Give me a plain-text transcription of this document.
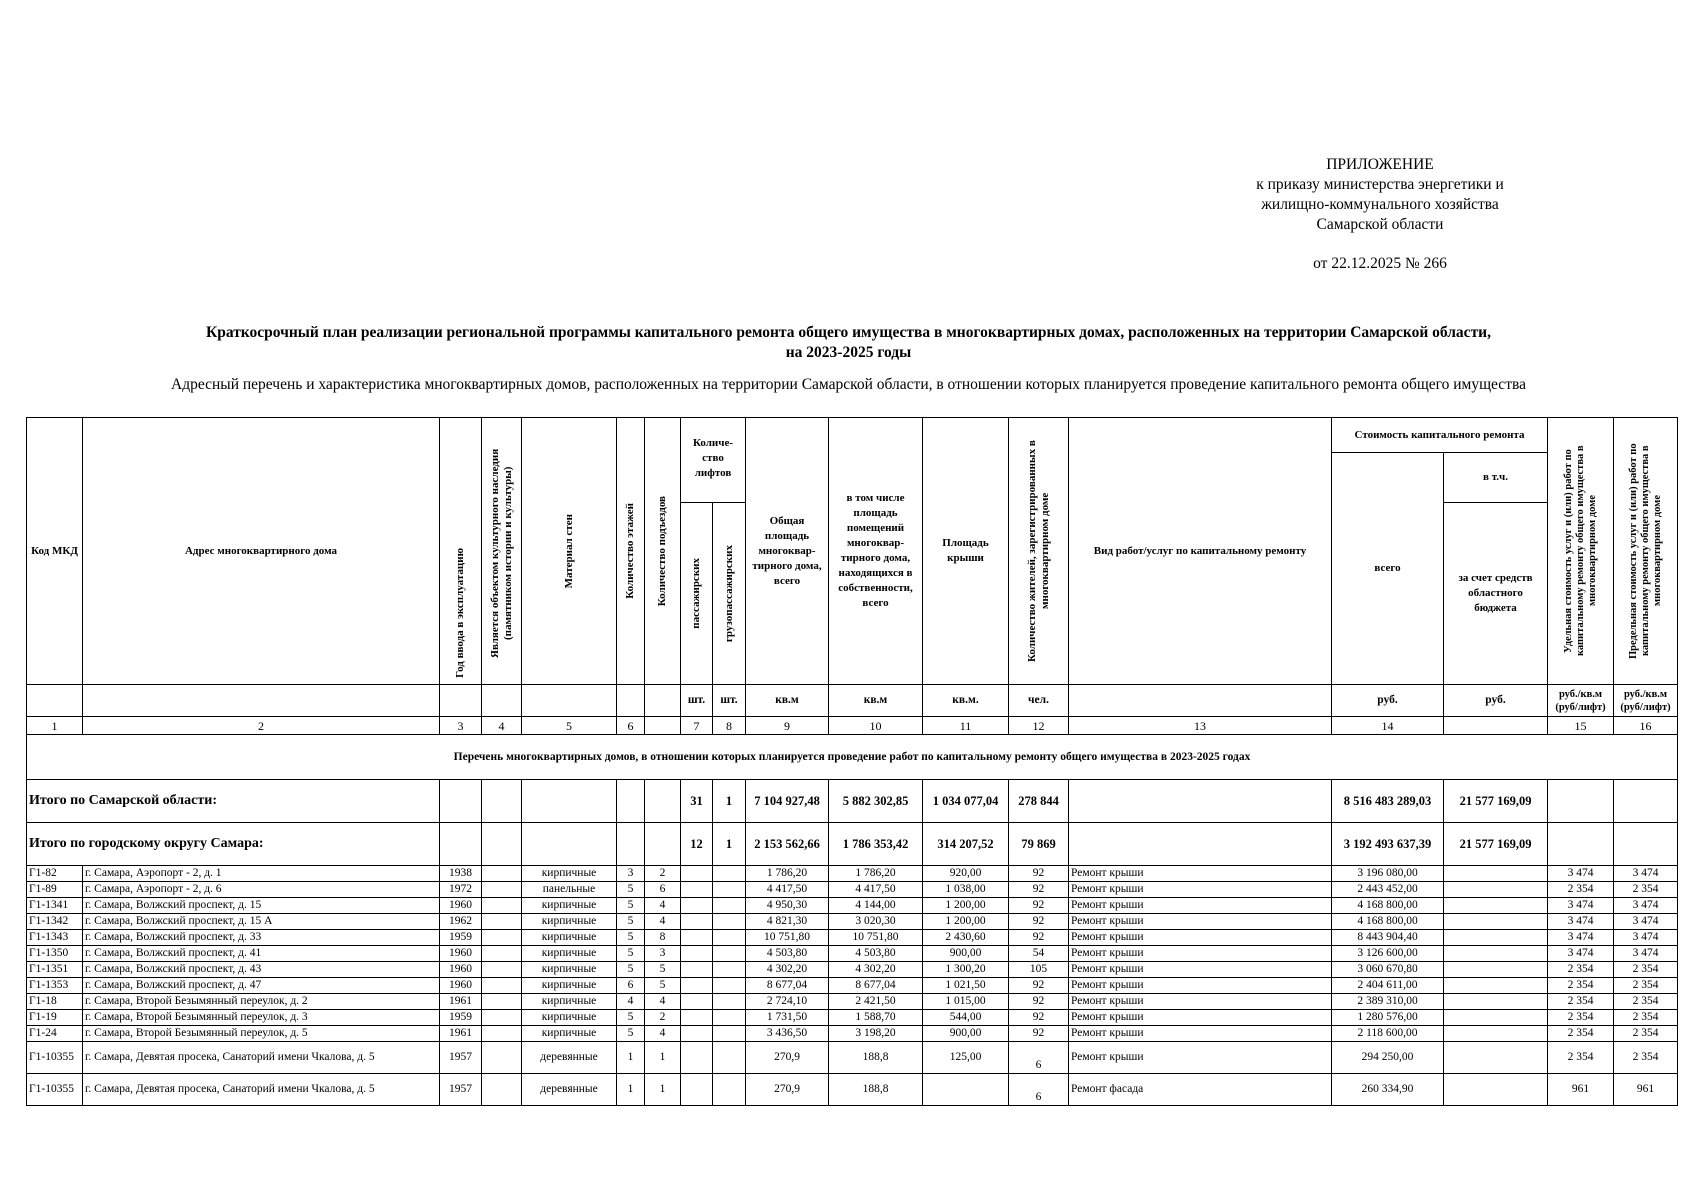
ПРИЛОЖЕНИЕ
к приказу министерства энергетики и
жилищно-коммунального хозяйства
Самарской области
от 22.12.2025 № 266
Краткосрочный план реализации региональной программы капитального ремонта общего имущества в многоквартирных домах, расположенных на территории Самарской области,
на 2023-2025 годы
Адресный перечень и характеристика многоквартирных домов, расположенных на территории Самарской области, в отношении которых планируется проведение капитального ремонта общего имущества
Код МКД	Адрес многоквартирного дома	Год ввода в эксплуатацию	Является объектом культурного наследия (памятником истории и культуры)	Материал стен	Количество этажей	Количество подъездов	Количе-ство лифтов		Общая площадь многоквар-тирного дома, всего	в том числе площадь помещений многоквар-тирного дома, находящихся в собственности, всего	Площадь крыши	Количество жителей, зарегистрированных в многоквартирном доме	Вид работ/услуг по капитальному ремонту	Стоимость капитального ремонта		Удельная стоимость услуг и (или) работ по капитальному ремонту общего имущества в многоквартирном доме	Предельная стоимость услуг и (или) работ по капитальному ремонту общего имущества в многоквартирном доме

														всего	в т.ч.		

							пассажирских	грузопассажирских							за счет средств областного бюджета		
							шт.	шт.	кв.м	кв.м	кв.м.	чел.		руб.	руб.	руб./кв.м (руб/лифт)	руб./кв.м (руб/лифт)
1	2	3	4	5	6		7	8	9	10	11	12	13	14		15	16
Перечень многоквартирных домов, в отношении которых планируется проведение работ по капитальному ремонту общего имущества в 2023-2025 годах																	
Итого по Самарской области:							31	1	7 104 927,48	5 882 302,85	1 034 077,04	278 844		8 516 483 289,03	21 577 169,09		
Итого по городскому округу Самара:							12	1	2 153 562,66	1 786 353,42	314 207,52	79 869		3 192 493 637,39	21 577 169,09		
Г1-82	г. Самара, Аэропорт - 2, д. 1	1938		кирпичные	3	2			1 786,20	1 786,20	920,00	92	Ремонт крыши	3 196 080,00		3 474	3 474
Г1-89	г. Самара, Аэропорт - 2, д. 6	1972		панельные	5	6			4 417,50	4 417,50	1 038,00	92	Ремонт крыши	2 443 452,00		2 354	2 354
Г1-1341	г. Самара, Волжский проспект, д. 15	1960		кирпичные	5	4			4 950,30	4 144,00	1 200,00	92	Ремонт крыши	4 168 800,00		3 474	3 474
Г1-1342	г. Самара, Волжский проспект, д. 15 А	1962		кирпичные	5	4			4 821,30	3 020,30	1 200,00	92	Ремонт крыши	4 168 800,00		3 474	3 474
Г1-1343	г. Самара, Волжский проспект, д. 33	1959		кирпичные	5	8			10 751,80	10 751,80	2 430,60	92	Ремонт крыши	8 443 904,40		3 474	3 474
Г1-1350	г. Самара, Волжский проспект, д. 41	1960		кирпичные	5	3			4 503,80	4 503,80	900,00	54	Ремонт крыши	3 126 600,00		3 474	3 474
Г1-1351	г. Самара, Волжский проспект, д. 43	1960		кирпичные	5	5			4 302,20	4 302,20	1 300,20	105	Ремонт крыши	3 060 670,80		2 354	2 354
Г1-1353	г. Самара, Волжский проспект, д. 47	1960		кирпичные	6	5			8 677,04	8 677,04	1 021,50	92	Ремонт крыши	2 404 611,00		2 354	2 354
Г1-18	г. Самара, Второй Безымянный переулок, д. 2	1961		кирпичные	4	4			2 724,10	2 421,50	1 015,00	92	Ремонт крыши	2 389 310,00		2 354	2 354
Г1-19	г. Самара, Второй Безымянный переулок, д. 3	1959		кирпичные	5	2			1 731,50	1 588,70	544,00	92	Ремонт крыши	1 280 576,00		2 354	2 354
Г1-24	г. Самара, Второй Безымянный переулок, д. 5	1961		кирпичные	5	4			3 436,50	3 198,20	900,00	92	Ремонт крыши	2 118 600,00		2 354	2 354
Г1-10355	г. Самара, Девятая просека, Санаторий имени Чкалова, д. 5	1957		деревянные	1	1			270,9	188,8	125,00	6	Ремонт крыши	294 250,00		2 354	2 354
Г1-10355	г. Самара, Девятая просека, Санаторий имени Чкалова, д. 5	1957		деревянные	1	1			270,9	188,8		6	Ремонт фасада	260 334,90		961	961
